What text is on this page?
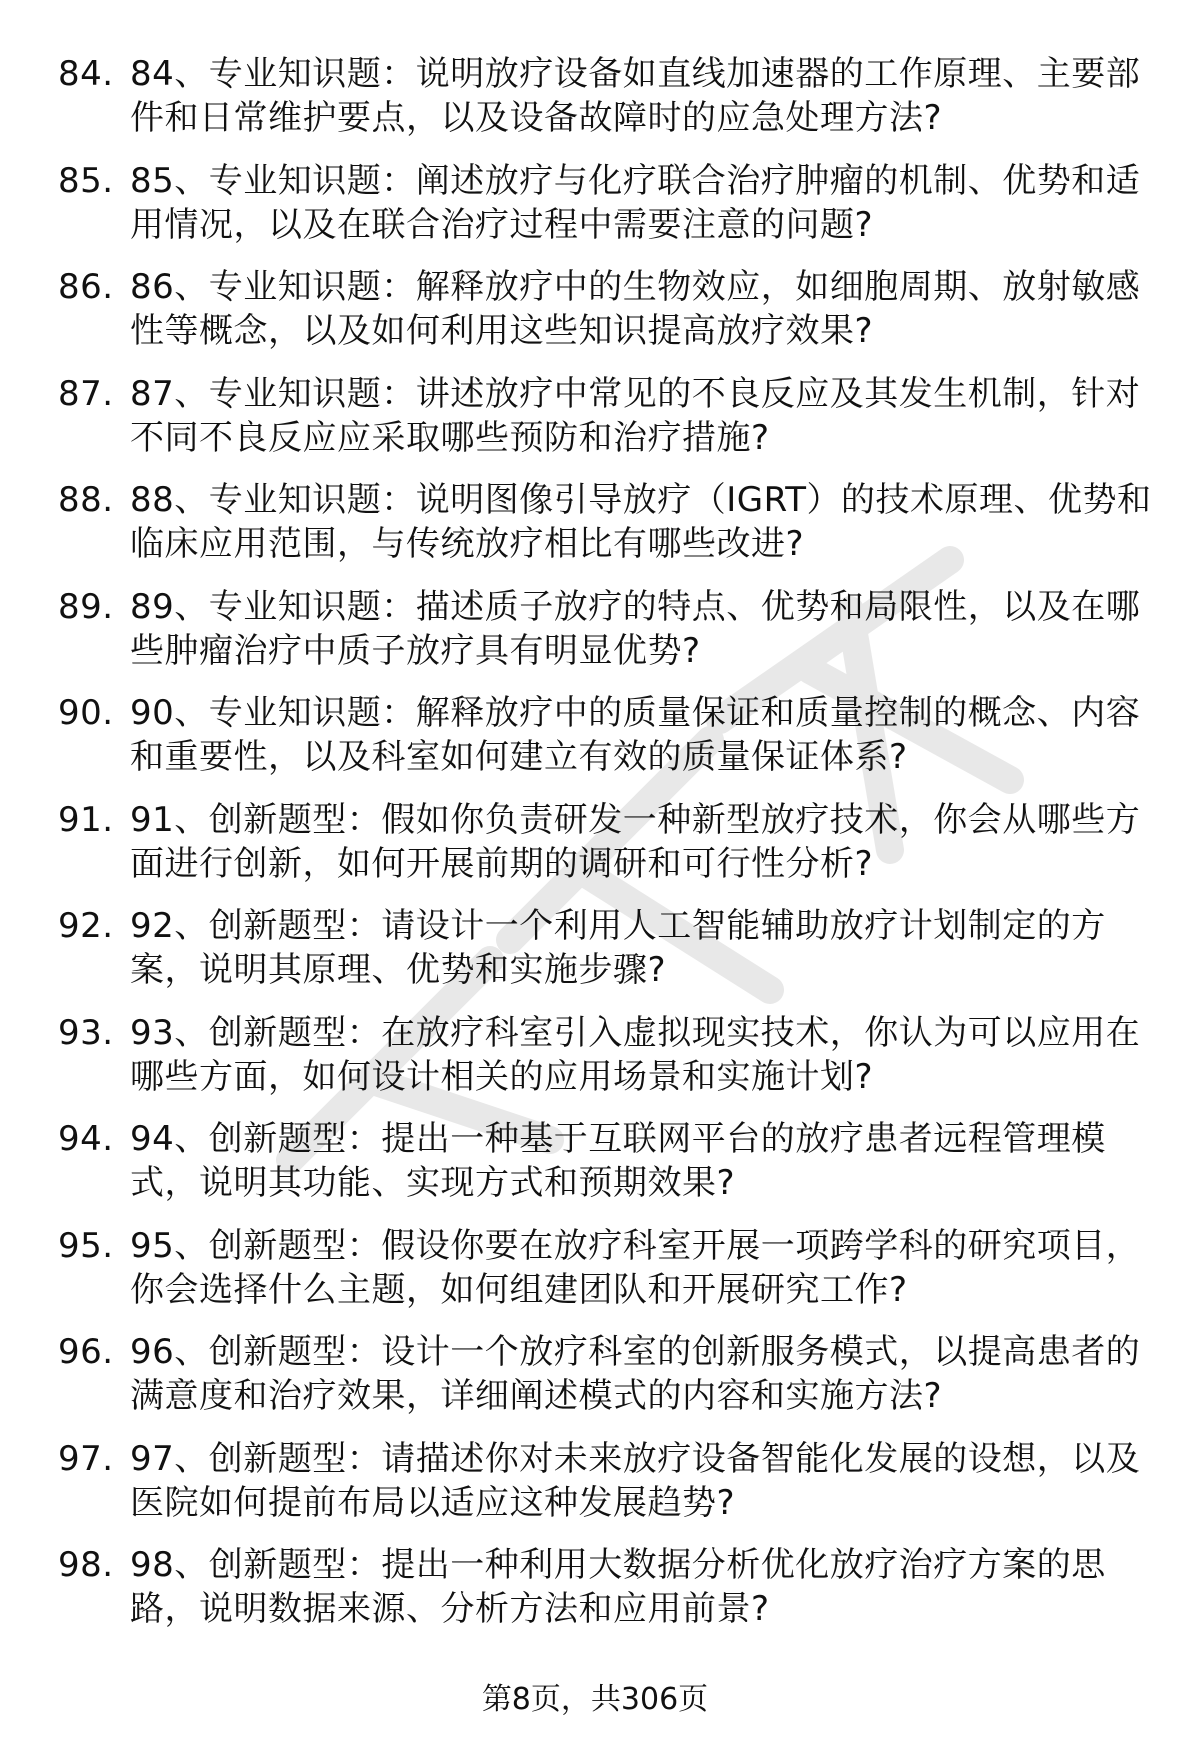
84. 84、专业知识题：说明放疗设备如直线加速器的工作原理、主要部件和日常维护要点，以及设备故障时的应急处理方法?
85. 85、专业知识题：阐述放疗与化疗联合治疗肿瘤的机制、优势和适用情况，以及在联合治疗过程中需要注意的问题?
86. 86、专业知识题：解释放疗中的生物效应，如细胞周期、放射敏感性等概念，以及如何利用这些知识提高放疗效果?
87. 87、专业知识题：讲述放疗中常见的不良反应及其发生机制，针对不同不良反应应采取哪些预防和治疗措施?
88. 88、专业知识题：说明图像引导放疗（IGRT）的技术原理、优势和临床应用范围，与传统放疗相比有哪些改进?
89. 89、专业知识题：描述质子放疗的特点、优势和局限性，以及在哪些肿瘤治疗中质子放疗具有明显优势?
90. 90、专业知识题：解释放疗中的质量保证和质量控制的概念、内容和重要性，以及科室如何建立有效的质量保证体系?
91. 91、创新题型：假如你负责研发一种新型放疗技术，你会从哪些方面进行创新，如何开展前期的调研和可行性分析?
92. 92、创新题型：请设计一个利用人工智能辅助放疗计划制定的方案，说明其原理、优势和实施步骤?
93. 93、创新题型：在放疗科室引入虚拟现实技术，你认为可以应用在哪些方面，如何设计相关的应用场景和实施计划?
94. 94、创新题型：提出一种基于互联网平台的放疗患者远程管理模式，说明其功能、实现方式和预期效果?
95. 95、创新题型：假设你要在放疗科室开展一项跨学科的研究项目，你会选择什么主题，如何组建团队和开展研究工作?
96. 96、创新题型：设计一个放疗科室的创新服务模式，以提高患者的满意度和治疗效果，详细阐述模式的内容和实施方法?
97. 97、创新题型：请描述你对未来放疗设备智能化发展的设想，以及医院如何提前布局以适应这种发展趋势?
98. 98、创新题型：提出一种利用大数据分析优化放疗治疗方案的思路，说明数据来源、分析方法和应用前景?
第8页，共306页
